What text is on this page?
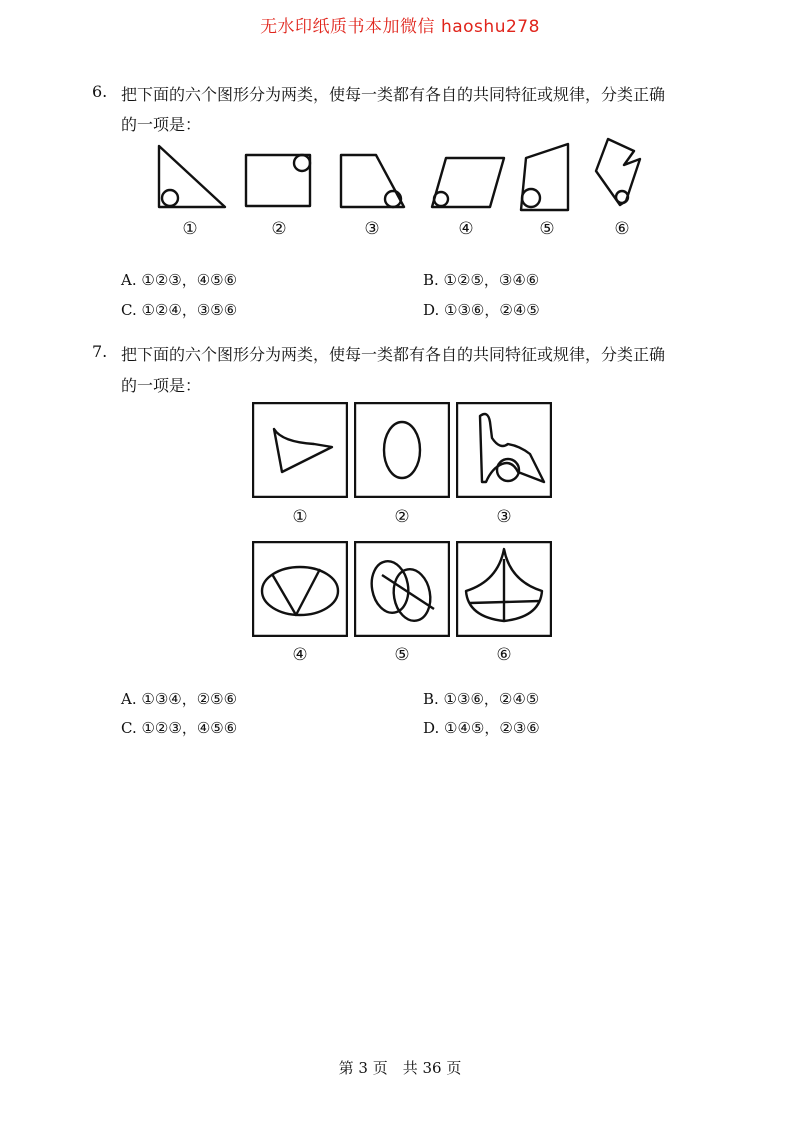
无水印纸质书本加微信 haoshu278
6. 把下面的六个图形分为两类，使每一类都有各自的共同特征或规律，分类正确
的一项是：
①	②	③	④	⑤	⑥
A. ①②③，④⑤⑥	B. ①②⑤，③④⑥
C. ①②④，③⑤⑥	D. ①③⑥，②④⑤
7. 把下面的六个图形分为两类，使每一类都有各自的共同特征或规律，分类正确
的一项是：
①	②	③
④	⑤	⑥
A. ①③④，②⑤⑥	B. ①③⑥，②④⑤
C. ①②③，④⑤⑥	D. ①④⑤，②③⑥
第 3 页　共 36 页
